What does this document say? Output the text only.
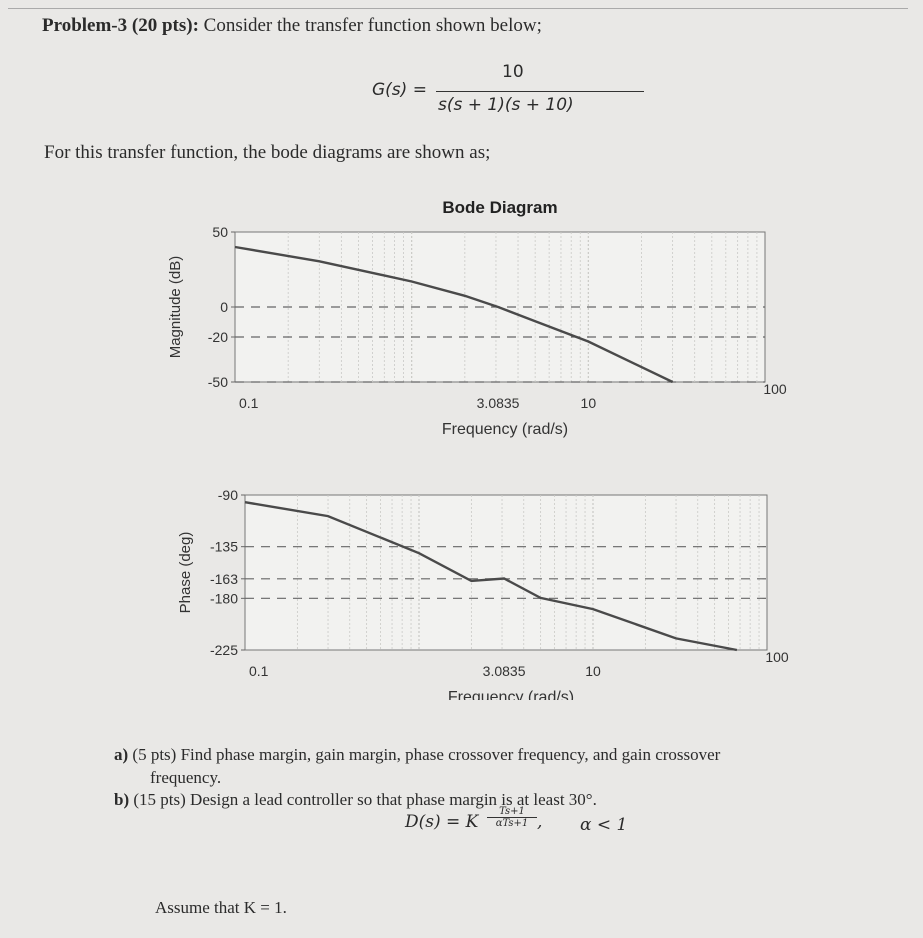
Problem-3 (20 pts): Consider the transfer function shown below;
G(s) =
10
s(s + 1)(s + 10)
For this transfer function, the bode diagrams are shown as;
Bode Diagram
50
0
-20
-50
0.1	3.0835	10
100
Magnitude (dB)
Frequency (rad/s)
-90
-135
-163
-180
-225
0.1	3.0835	10
100
Phase (deg)
Frequency (rad/s)
a) (5 pts) Find phase margin, gain margin, phase crossover frequency, and gain crossover
frequency.
b) (15 pts) Design a lead controller so that phase margin is at least 30°.
D(s) = K
Ts+1
αTs+1 , α < 1
Assume that K = 1.
